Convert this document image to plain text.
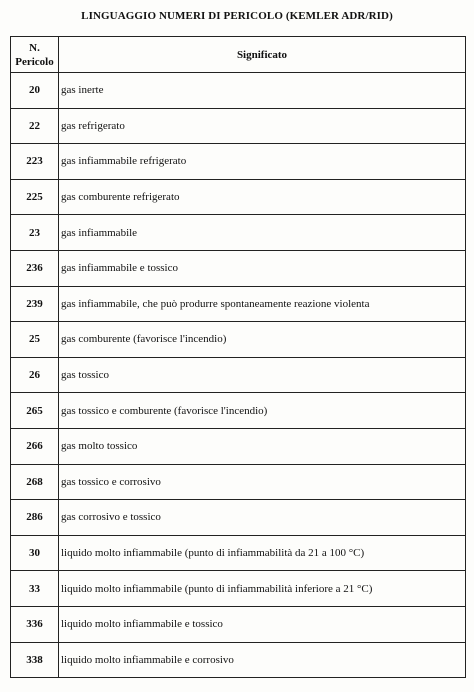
LINGUAGGIO NUMERI DI PERICOLO (KEMLER ADR/RID)
N.
Pericolo	Significato
20	gas inerte
22	gas refrigerato
223	gas infiammabile refrigerato
225	gas comburente refrigerato
23	gas infiammabile
236	gas infiammabile e tossico
239	gas infiammabile, che può produrre spontaneamente reazione violenta
25	gas comburente (favorisce l'incendio)
26	gas tossico
265	gas tossico e comburente (favorisce l'incendio)
266	gas molto tossico
268	gas tossico e corrosivo
286	gas corrosivo e tossico
30	liquido molto infiammabile (punto di infiammabilità da 21 a 100 °C)
33	liquido molto infiammabile (punto di infiammabilità inferiore a 21 °C)
336	liquido molto infiammabile e tossico
338	liquido molto infiammabile e corrosivo
